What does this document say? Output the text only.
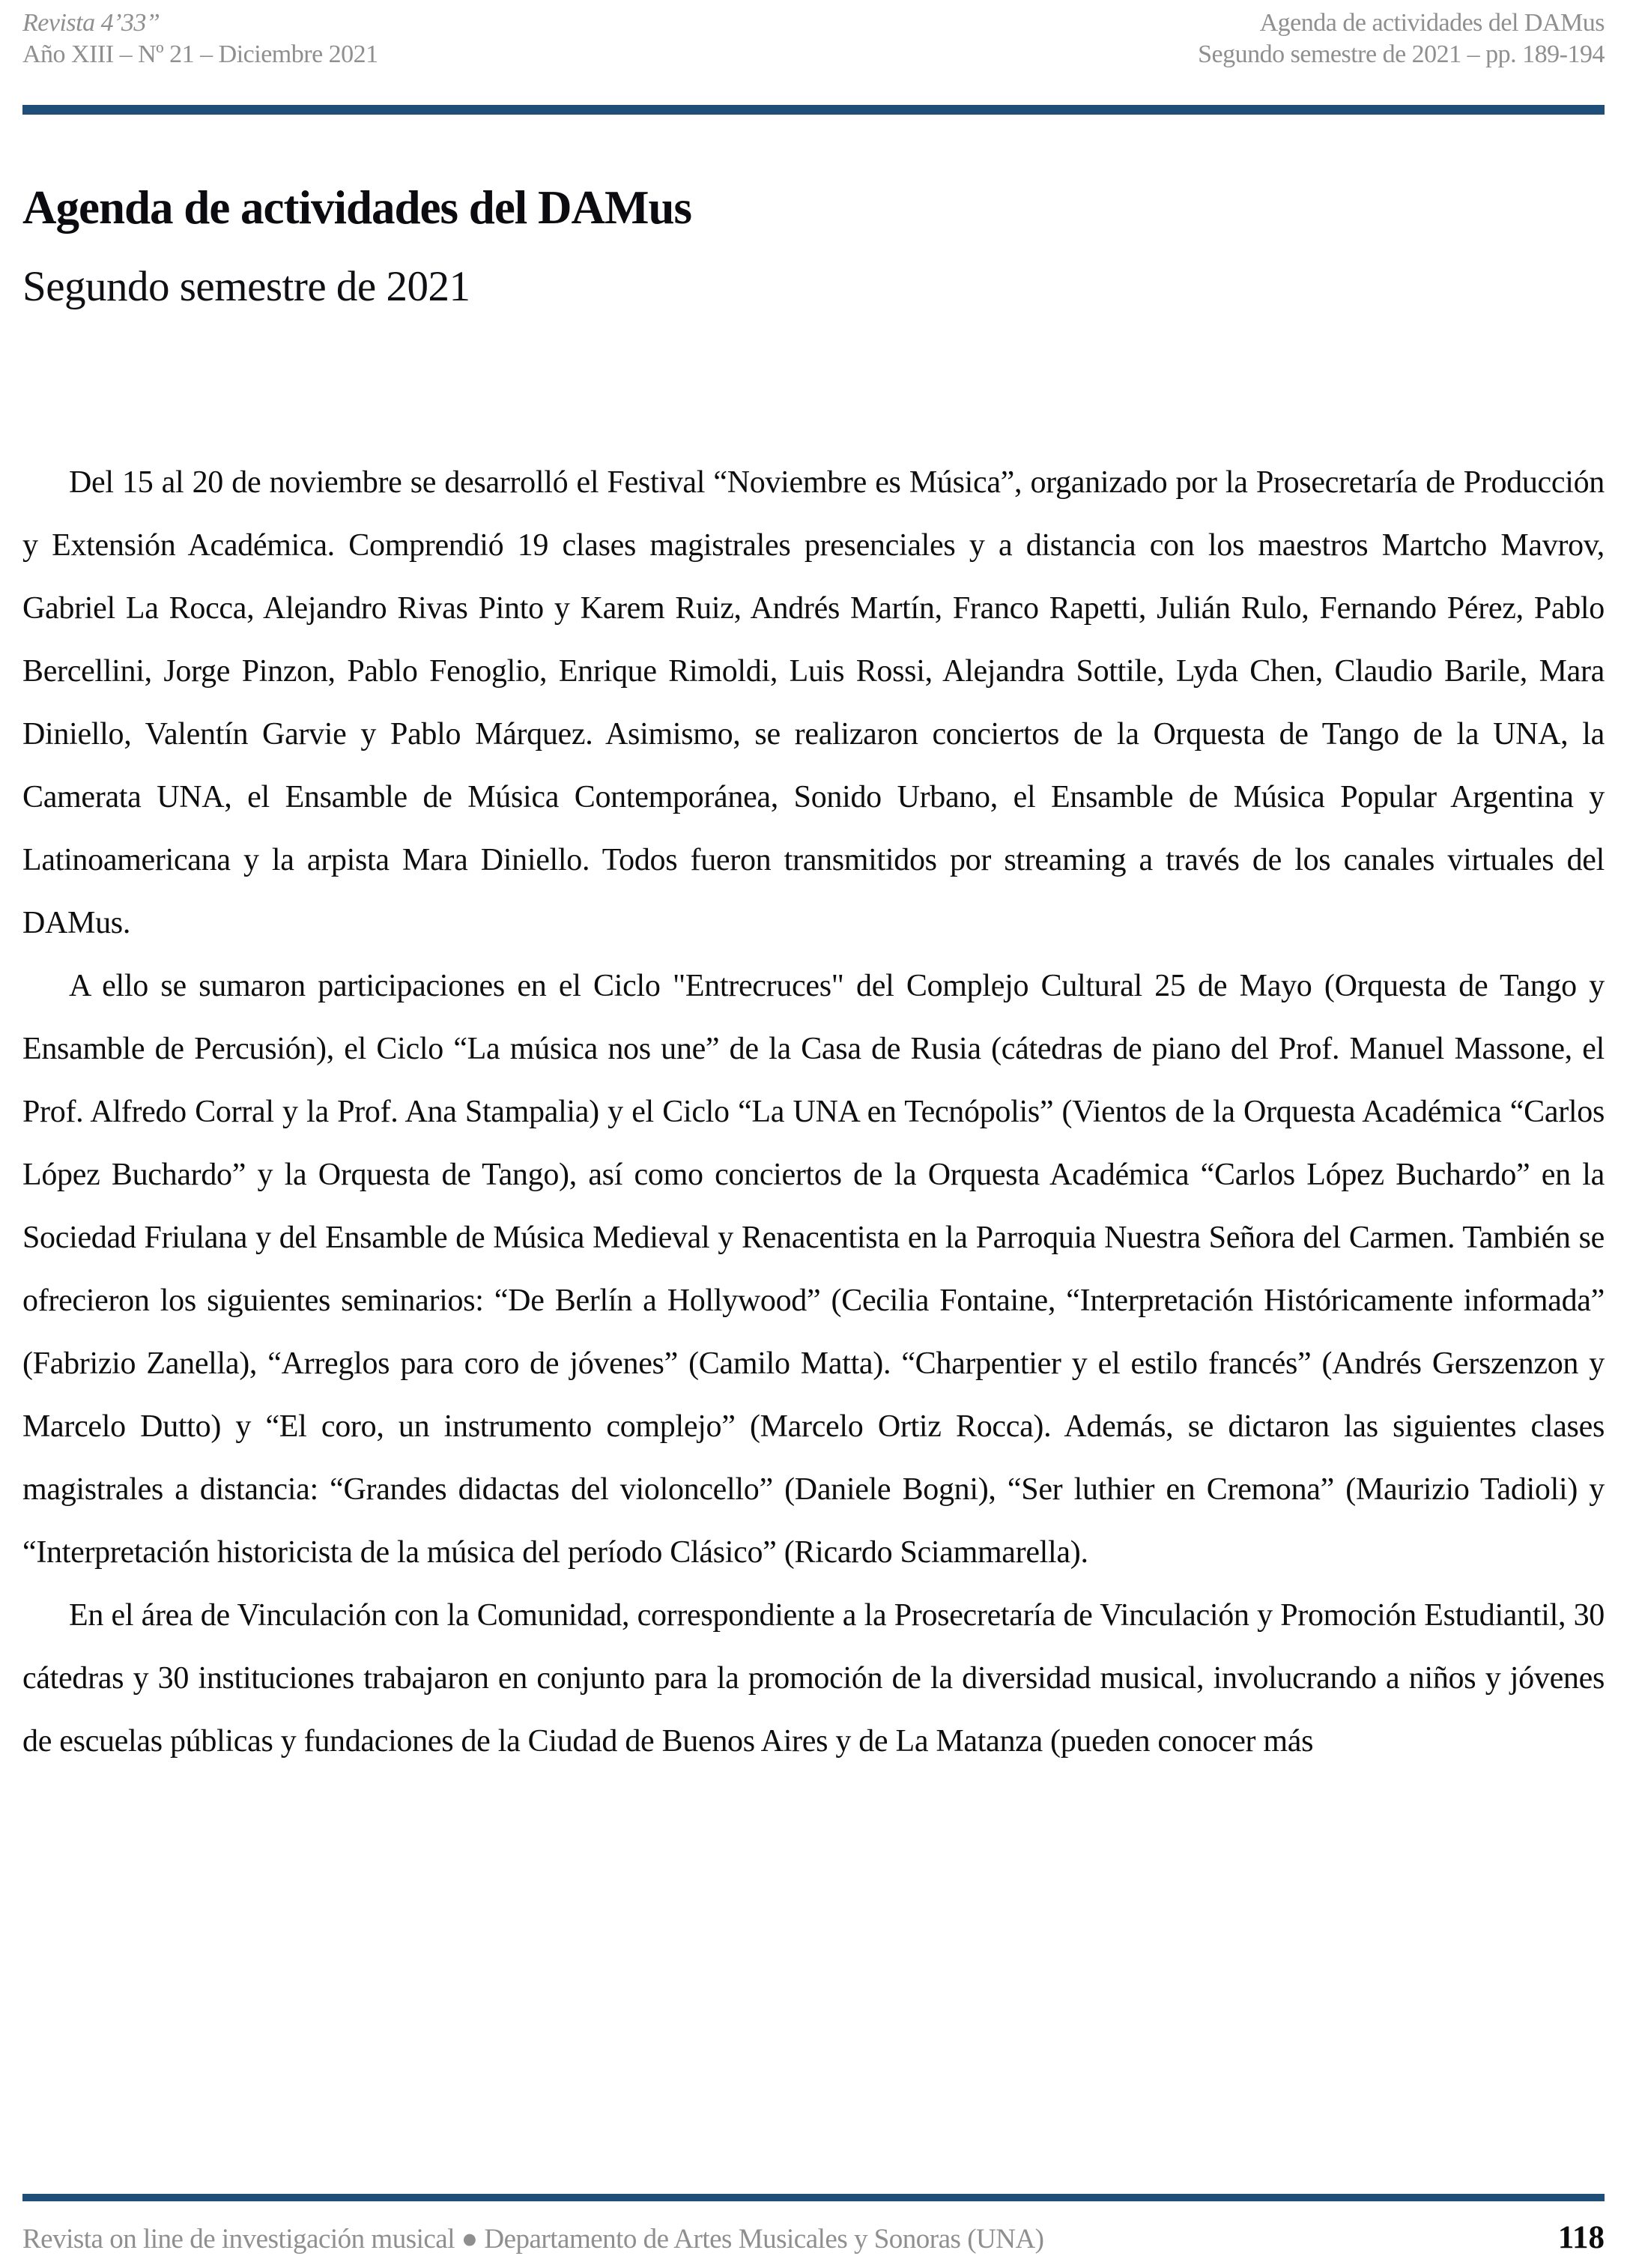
Revista 4’33”
Año XIII – Nº 21 – Diciembre 2021
Agenda de actividades del DAMus
Segundo semestre de 2021 – pp. 189-194
Agenda de actividades del DAMus
Segundo semestre de 2021

Del 15 al 20 de noviembre se desarrolló el Festival “Noviembre es Música”, organizado por la Prosecretaría de Producción y Extensión Académica. Comprendió 19 clases magistrales presenciales y a distancia con los maestros Martcho Mavrov, Gabriel La Rocca, Alejandro Rivas Pinto y Karem Ruiz, Andrés Martín, Franco Rapetti, Julián Rulo, Fernando Pérez, Pablo Bercellini, Jorge Pinzon, Pablo Fenoglio, Enrique Rimoldi, Luis Rossi, Alejandra Sottile, Lyda Chen, Claudio Barile, Mara Diniello, Valentín Garvie y Pablo Márquez. Asimismo, se realizaron conciertos de la Orquesta de Tango de la UNA, la Camerata UNA, el Ensamble de Música Contemporánea, Sonido Urbano, el Ensamble de Música Popular Argentina y Latinoamericana y la arpista Mara Diniello. Todos fueron transmitidos por streaming a través de los canales virtuales del DAMus.

A ello se sumaron participaciones en el Ciclo "Entrecruces" del Complejo Cultural 25 de Mayo (Orquesta de Tango y Ensamble de Percusión), el Ciclo “La música nos une” de la Casa de Rusia (cátedras de piano del Prof. Manuel Massone, el Prof. Alfredo Corral y la Prof. Ana Stampalia) y el Ciclo “La UNA en Tecnópolis” (Vientos de la Orquesta Académica “Carlos López Buchardo” y la Orquesta de Tango), así como conciertos de la Orquesta Académica “Carlos López Buchardo” en la Sociedad Friulana y del Ensamble de Música Medieval y Renacentista en la Parroquia Nuestra Señora del Carmen. También se ofrecieron los siguientes seminarios: “De Berlín a Hollywood” (Cecilia Fontaine, “Interpretación Históricamente informada” (Fabrizio Zanella), “Arreglos para coro de jóvenes” (Camilo Matta). “Charpentier y el estilo francés” (Andrés Gerszenzon y Marcelo Dutto) y “El coro, un instrumento complejo” (Marcelo Ortiz Rocca). Además, se dictaron las siguientes clases magistrales a distancia: “Grandes didactas del violoncello” (Daniele Bogni), “Ser luthier en Cremona” (Maurizio Tadioli) y “Interpretación historicista de la música del período Clásico” (Ricardo Sciammarella).

En el área de Vinculación con la Comunidad, correspondiente a la Prosecretaría de Vinculación y Promoción Estudiantil, 30 cátedras y 30 instituciones trabajaron en conjunto para la promoción de la diversidad musical, involucrando a niños y jóvenes de escuelas públicas y fundaciones de la Ciudad de Buenos Aires y de La Matanza (pueden conocer más

Revista on line de investigación musical ● Departamento de Artes Musicales y Sonoras (UNA)	118
